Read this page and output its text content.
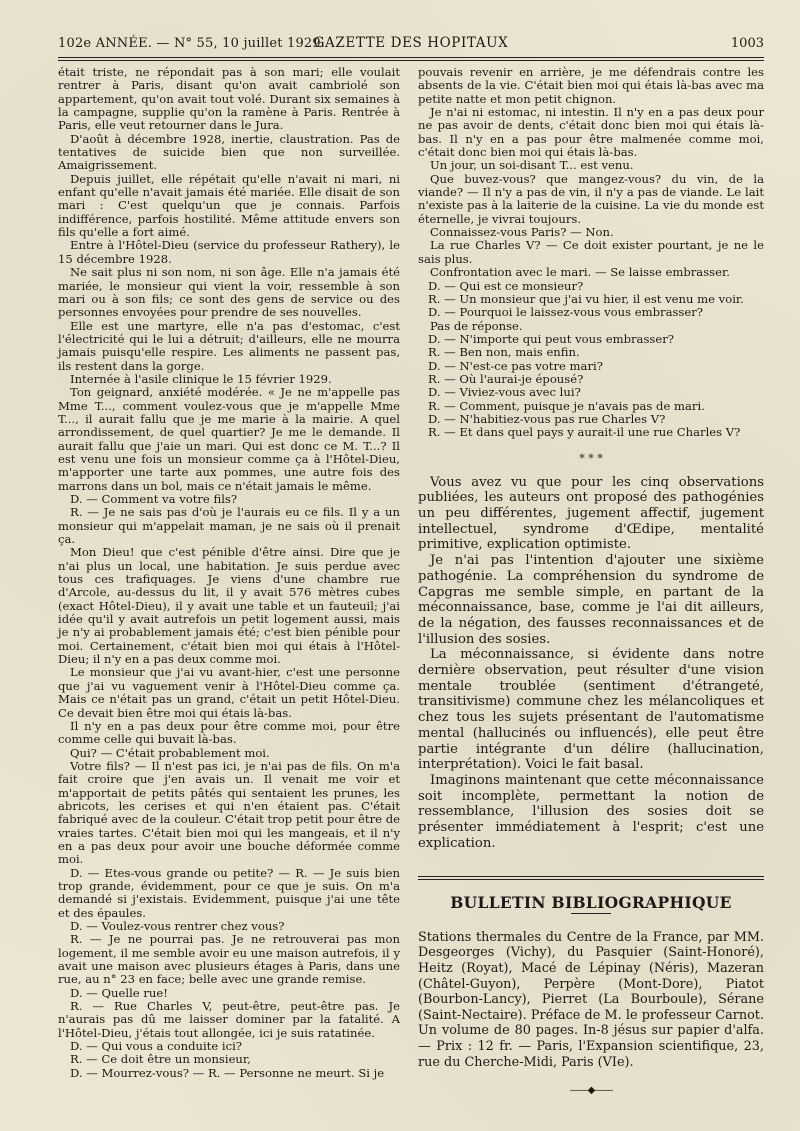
102e ANNÉE. — N° 55, 10 juillet 1929.
GAZETTE DES HOPITAUX	1003

était triste, ne répondait pas à son mari; elle voulait rentrer à Paris, disant qu'on avait cambriolé son appartement, qu'on avait tout volé. Durant six semaines à la campagne, supplie qu'on la ramène à Paris. Rentrée à Paris, elle veut retourner dans le Jura.

D'août à décembre 1928, inertie, claustration. Pas de tentatives de suicide bien que non surveillée. Amaigrissement.

Depuis juillet, elle répétait qu'elle n'avait ni mari, ni enfant qu'elle n'avait jamais été mariée. Elle disait de son mari : C'est quelqu'un que je connais. Parfois indifférence, parfois hostilité. Même attitude envers son fils qu'elle a fort aimé.

Entre à l'Hôtel-Dieu (service du professeur Rathery), le 15 décembre 1928.

Ne sait plus ni son nom, ni son âge. Elle n'a jamais été mariée, le monsieur qui vient la voir, ressemble à son mari ou à son fils; ce sont des gens de service ou des personnes envoyées pour prendre de ses nouvelles.

Elle est une martyre, elle n'a pas d'estomac, c'est l'électricité qui le lui a détruit; d'ailleurs, elle ne mourra jamais puisqu'elle respire. Les aliments ne passent pas, ils restent dans la gorge.

Internée à l'asile clinique le 15 février 1929.

Ton geignard, anxiété modérée. « Je ne m'appelle pas Mme T..., comment voulez-vous que je m'appelle Mme T..., il aurait fallu que je me marie à la mairie. A quel arrondissement, de quel quartier? Je me le demande. Il aurait fallu que j'aie un mari. Qui est donc ce M. T...? Il est venu une fois un monsieur comme ça à l'Hôtel-Dieu, m'apporter une tarte aux pommes, une autre fois des marrons dans un bol, mais ce n'était jamais le même.

D. — Comment va votre fils?

R. — Je ne sais pas d'où je l'aurais eu ce fils. Il y a un monsieur qui m'appelait maman, je ne sais où il prenait ça.

Mon Dieu! que c'est pénible d'être ainsi. Dire que je n'ai plus un local, une habitation. Je suis perdue avec tous ces trafiquages. Je viens d'une chambre rue d'Arcole, au-dessus du lit, il y avait 576 mètres cubes (exact Hôtel-Dieu), il y avait une table et un fauteuil; j'ai idée qu'il y avait autrefois un petit logement aussi, mais je n'y ai probablement jamais été; c'est bien pénible pour moi. Certainement, c'était bien moi qui étais à l'Hôtel-Dieu; il n'y en a pas deux comme moi.

Le monsieur que j'ai vu avant-hier, c'est une personne que j'ai vu vaguement venir à l'Hôtel-Dieu comme ça. Mais ce n'était pas un grand, c'était un petit Hôtel-Dieu. Ce devait bien être moi qui étais là-bas.

Il n'y en a pas deux pour être comme moi, pour être comme celle qui buvait là-bas.

Qui? — C'était probablement moi.

Votre fils? — Il n'est pas ici, je n'ai pas de fils. On m'a fait croire que j'en avais un. Il venait me voir et m'apportait de petits pâtés qui sentaient les prunes, les abricots, les cerises et qui n'en étaient pas. C'était fabriqué avec de la couleur. C'était trop petit pour être de vraies tartes. C'était bien moi qui les mangeais, et il n'y en a pas deux pour avoir une bouche déformée comme moi.

D. — Etes-vous grande ou petite? — R. — Je suis bien trop grande, évidemment, pour ce que je suis. On m'a demandé si j'existais. Evidemment, puisque j'ai une tête et des épaules.

D. — Voulez-vous rentrer chez vous?

R. — Je ne pourrai pas. Je ne retrouverai pas mon logement, il me semble avoir eu une maison autrefois, il y avait une maison avec plusieurs étages à Paris, dans une rue, au n° 23 en face; belle avec une grande remise.

D. — Quelle rue!

R. — Rue Charles V, peut-être, peut-être pas. Je n'aurais pas dû me laisser dominer par la fatalité. A l'Hôtel-Dieu, j'étais tout allongée, ici je suis ratatinée.

D. — Qui vous a conduite ici?

R. — Ce doit être un monsieur,

D. — Mourrez-vous? — R. — Personne ne meurt. Si je

pouvais revenir en arrière, je me défendrais contre les absents de la vie. C'était bien moi qui étais là-bas avec ma petite natte et mon petit chignon.

Je n'ai ni estomac, ni intestin. Il n'y en a pas deux pour ne pas avoir de dents, c'était donc bien moi qui étais là-bas. Il n'y en a pas pour être malmenée comme moi, c'était donc bien moi qui étais là-bas.

Un jour, un soi-disant T... est venu.

Que buvez-vous? que mangez-vous? du vin, de la viande? — Il n'y a pas de vin, il n'y a pas de viande. Le lait n'existe pas à la laiterie de la cuisine. La vie du monde est éternelle, je vivrai toujours.

Connaissez-vous Paris? — Non.

La rue Charles V? — Ce doit exister pourtant, je ne le sais plus.

Confrontation avec le mari. — Se laisse embrasser.

D. — Qui est ce monsieur?

R. — Un monsieur que j'ai vu hier, il est venu me voir.

D. — Pourquoi le laissez-vous vous embrasser?

Pas de réponse.

D. — N'importe qui peut vous embrasser?

R. — Ben non, mais enfin.

D. — N'est-ce pas votre mari?

R. — Où l'aurai-je épousé?

D. — Viviez-vous avec lui?

R. — Comment, puisque je n'avais pas de mari.

D. — N'habitiez-vous pas rue Charles V?

R. — Et dans quel pays y aurait-il une rue Charles V?

* * *

Vous avez vu que pour les cinq observations publiées, les auteurs ont proposé des pathogénies un peu différentes, jugement affectif, jugement intellectuel, syndrome d'Œdipe, mentalité primitive, explication optimiste.

Je n'ai pas l'intention d'ajouter une sixième pathogénie. La compréhension du syndrome de Capgras me semble simple, en partant de la méconnaissance, base, comme je l'ai dit ailleurs, de la négation, des fausses reconnaissances et de l'illusion des sosies.

La méconnaissance, si évidente dans notre dernière observation, peut résulter d'une vision mentale troublée (sentiment d'étrangeté, transitivisme) commune chez les mélancoliques et chez tous les sujets présentant de l'automatisme mental (hallucinés ou influencés), elle peut être partie intégrante d'un délire (hallucination, interprétation). Voici le fait basal.

Imaginons maintenant que cette méconnaissance soit incomplète, permettant la notion de ressemblance, l'illusion des sosies doit se présenter immédiatement à l'esprit; c'est une explication.

BULLETIN BIBLIOGRAPHIQUE

Stations thermales du Centre de la France, par MM. Desgeorges (Vichy), du Pasquier (Saint-Honoré), Heitz (Royat), Macé de Lépinay (Néris), Mazeran (Châtel-Guyon), Perpère (Mont-Dore), Piatot (Bourbon-Lancy), Pierret (La Bourboule), Sérane (Saint-Nectaire). Préface de M. le professeur Carnot. Un volume de 80 pages. In-8 jésus sur papier d'alfa. — Prix : 12 fr. — Paris, l'Expansion scientifique, 23, rue du Cherche-Midi, Paris (VIe).

——◆——
